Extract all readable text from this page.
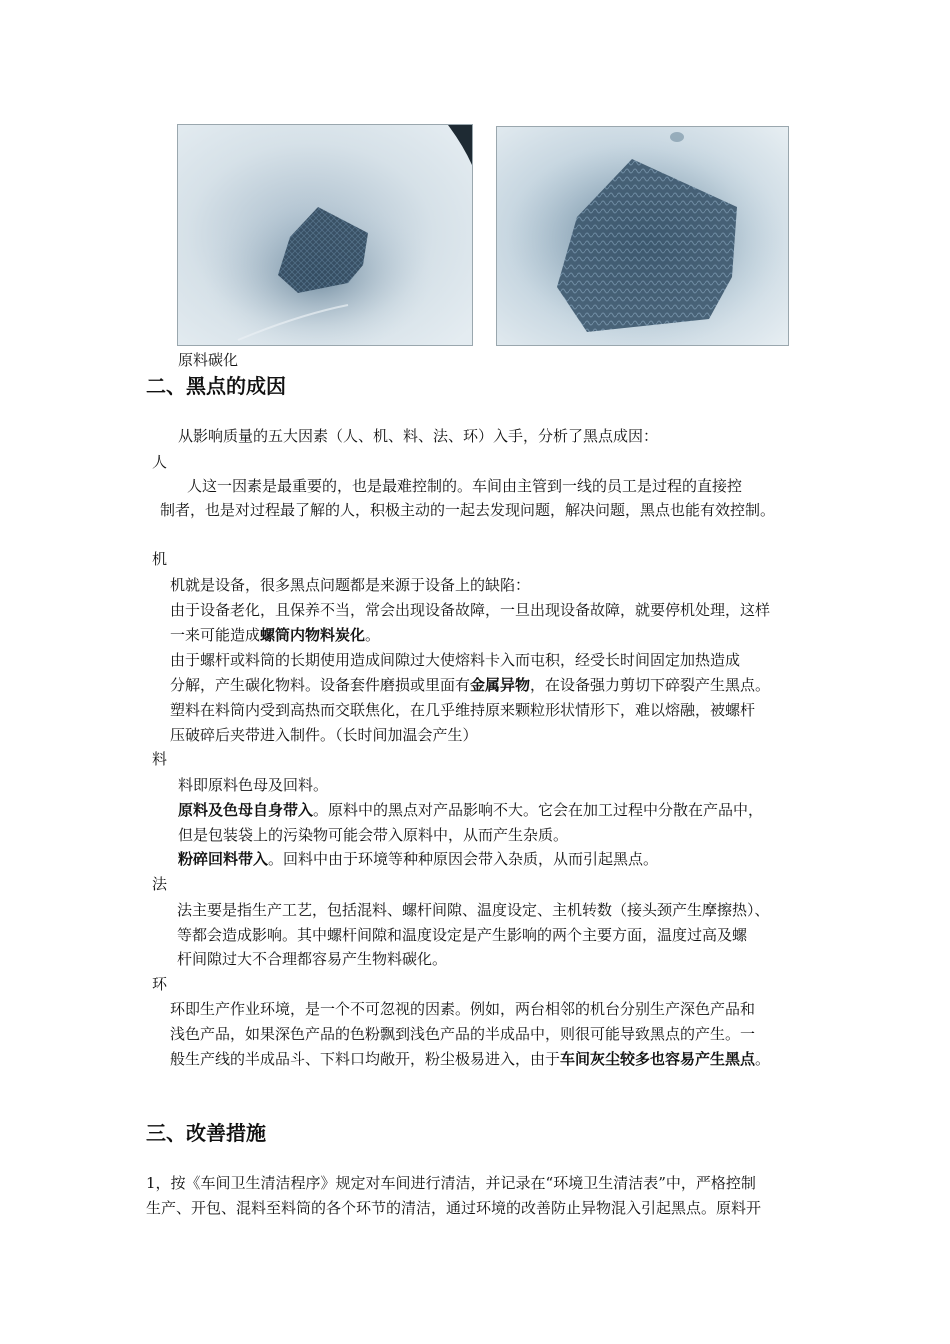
原料碳化
二、黑点的成因
从影响质量的五大因素（人、机、料、法、环）入手，分析了黑点成因：
人
人这一因素是最重要的，也是最难控制的。车间由主管到一线的员工是过程的直接控
制者，也是对过程最了解的人，积极主动的一起去发现问题，解决问题，黑点也能有效控制。
机
机就是设备，很多黑点问题都是来源于设备上的缺陷：
由于设备老化，且保养不当，常会出现设备故障，一旦出现设备故障，就要停机处理，这样
一来可能造成螺筒内物料炭化。
由于螺杆或料筒的长期使用造成间隙过大使熔料卡入而屯积，经受长时间固定加热造成
分解，产生碳化物料。设备套件磨损或里面有金属异物，在设备强力剪切下碎裂产生黑点。
塑料在料筒内受到高热而交联焦化，在几乎维持原来颗粒形状情形下，难以熔融，被螺杆
压破碎后夹带进入制件。（长时间加温会产生）
料
料即原料色母及回料。
原料及色母自身带入。原料中的黑点对产品影响不大。它会在加工过程中分散在产品中，
但是包装袋上的污染物可能会带入原料中，从而产生杂质。
粉碎回料带入。回料中由于环境等种种原因会带入杂质，从而引起黑点。
法
法主要是指生产工艺，包括混料、螺杆间隙、温度设定、主机转数（接头颈产生摩擦热）、
等都会造成影响。其中螺杆间隙和温度设定是产生影响的两个主要方面，温度过高及螺
杆间隙过大不合理都容易产生物料碳化。
环
环即生产作业环境，是一个不可忽视的因素。例如，两台相邻的机台分别生产深色产品和
浅色产品，如果深色产品的色粉飘到浅色产品的半成品中，则很可能导致黑点的产生。一
般生产线的半成品斗、下料口均敞开，粉尘极易进入，由于车间灰尘较多也容易产生黑点。
三、改善措施
1，按《车间卫生清洁程序》规定对车间进行清洁，并记录在“环境卫生清洁表”中，严格控制
生产、开包、混料至料筒的各个环节的清洁，通过环境的改善防止异物混入引起黑点。原料开
